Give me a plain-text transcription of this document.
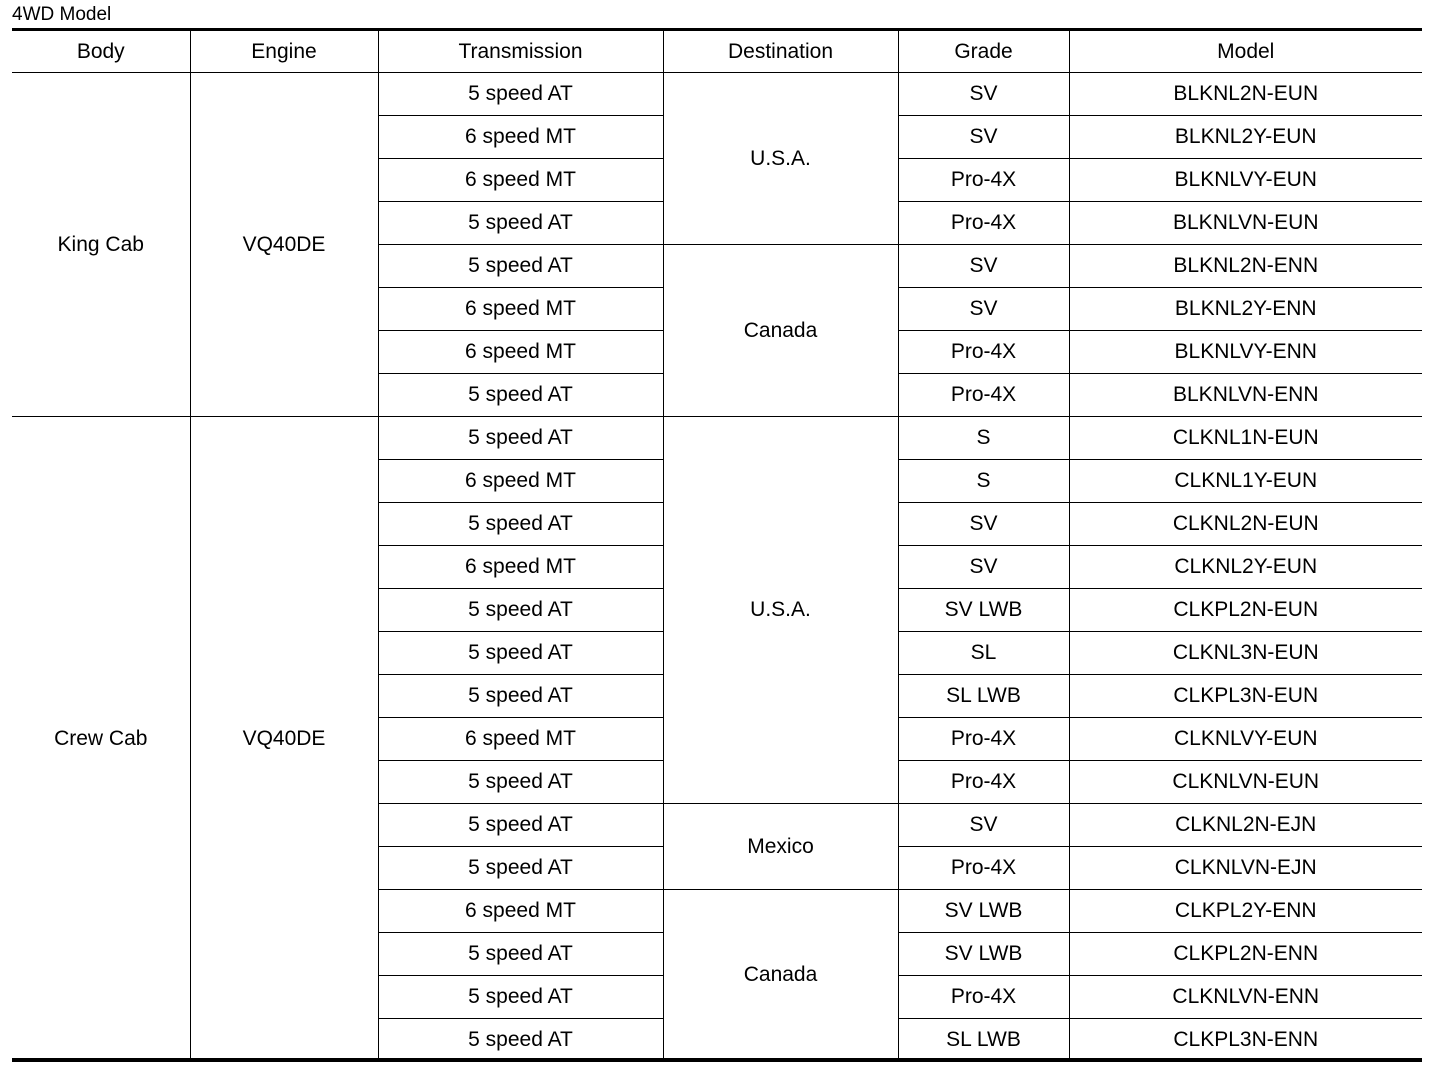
4WD Model
Body	Engine	Transmission	Destination	Grade	Model
King Cab	VQ40DE	5 speed AT	U.S.A.	SV	BLKNL2N-EUN
		6 speed MT		SV	BLKNL2Y-EUN
		6 speed MT		Pro-4X	BLKNLVY-EUN
		5 speed AT		Pro-4X	BLKNLVN-EUN
		5 speed AT	Canada	SV	BLKNL2N-ENN
		6 speed MT		SV	BLKNL2Y-ENN
		6 speed MT		Pro-4X	BLKNLVY-ENN
		5 speed AT		Pro-4X	BLKNLVN-ENN
Crew Cab	VQ40DE	5 speed AT	U.S.A.	S	CLKNL1N-EUN
		6 speed MT		S	CLKNL1Y-EUN
		5 speed AT		SV	CLKNL2N-EUN
		6 speed MT		SV	CLKNL2Y-EUN
		5 speed AT		SV LWB	CLKPL2N-EUN
		5 speed AT		SL	CLKNL3N-EUN
		5 speed AT		SL LWB	CLKPL3N-EUN
		6 speed MT		Pro-4X	CLKNLVY-EUN
		5 speed AT		Pro-4X	CLKNLVN-EUN
		5 speed AT	Mexico	SV	CLKNL2N-EJN
		5 speed AT		Pro-4X	CLKNLVN-EJN
		6 speed MT	Canada	SV LWB	CLKPL2Y-ENN
		5 speed AT		SV LWB	CLKPL2N-ENN
		5 speed AT		Pro-4X	CLKNLVN-ENN
		5 speed AT		SL LWB	CLKPL3N-ENN
